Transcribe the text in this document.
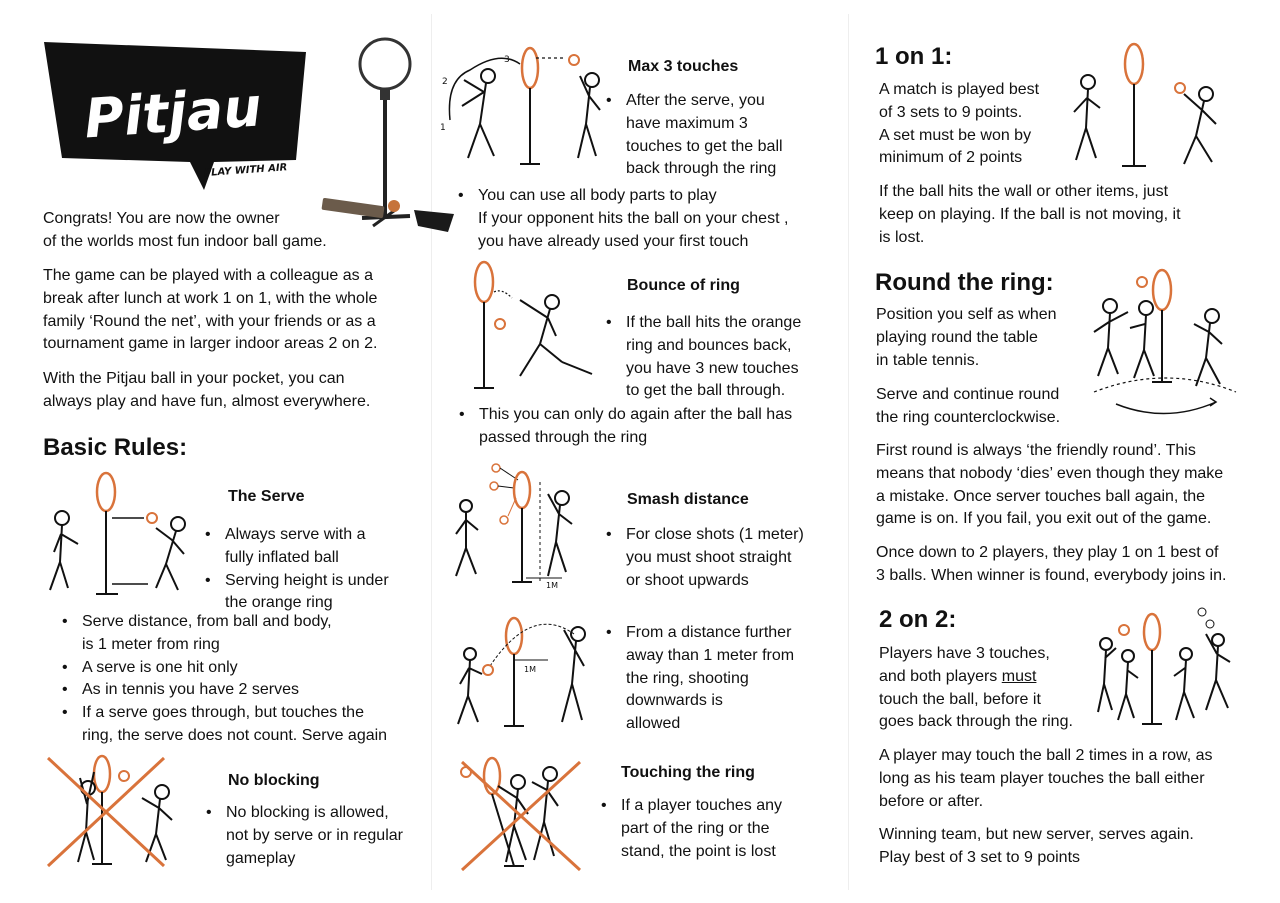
Pitjau
PLAY WITH AIR
Congrats! You are now the owner
of the worlds most fun indoor ball game.
The game can be played with a colleague as a
break after lunch at work 1 on 1, with the whole
family ‘Round the net’, with your friends or as a
tournament game in larger indoor areas 2 on 2.
With the Pitjau ball in your pocket, you can
always play and have fun, almost everywhere.
Basic Rules:
The Serve
• Always serve with a
fully inflated ball
• Serving height is under
the orange ring
• Serve distance, from ball and body,
is 1 meter from ring
• A serve is one hit only
• As in tennis you have 2 serves
• If a serve goes through, but touches the
ring, the serve does not count. Serve again
No blocking
• No blocking is allowed,
not by serve or in regular
gameplay
1
2
3	Max 3 touches
• After the serve, you
have maximum 3
touches to get the ball
back through the ring
• You can use all body parts to play
If your opponent hits the ball on your chest ,
you have already used your first touch
Bounce of ring
• If the ball hits the orange
ring and bounces back,
you have 3 new touches
to get the ball through.
• This you can only do again after the ball has
passed through the ring
1M
Smash distance
• For close shots (1 meter)
you must shoot straight
or shoot upwards
1M
• From a distance further
away than 1 meter from
the ring, shooting
downwards is
allowed
Touching the ring
• If a player touches any
part of the ring or the
stand, the point is lost
1 on 1:
A match is played best
of 3 sets to 9 points.
A set must be won by
minimum of 2 points
If the ball hits the wall or other items, just
keep on playing. If the ball is not moving, it
is lost.
Round the ring:
Position you self as when
playing round the table
in table tennis.
Serve and continue round
the ring counterclockwise.
First round is always ‘the friendly round’. This
means that nobody ‘dies’ even though they make
a mistake. Once server touches ball again, the
game is on. If you fail, you exit out of the game.
Once down to 2 players, they play 1 on 1 best of
3 balls. When winner is found, everybody joins in.
2 on 2:
Players have 3 touches,
and both players must
touch the ball, before it
goes back through the ring.
A player may touch the ball 2 times in a row, as
long as his team player touches the ball either
before or after.
Winning team, but new server, serves again.
Play best of 3 set to 9 points
